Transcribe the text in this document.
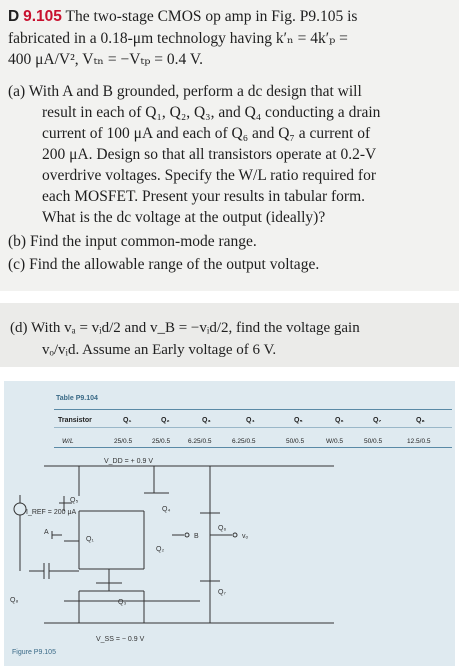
D 9.105 The two-stage CMOS op amp in Fig. P9.105 is
fabricated in a 0.18-μm technology having k′ₙ = 4k′ₚ =
400 μA/V², Vₜₙ = −Vₜₚ = 0.4 V.
(a) With A and B grounded, perform a dc design that will
result in each of Q₁, Q₂, Q₃, and Q₄ conducting a drain
current of 100 μA and each of Q₆ and Q₇ a current of
200 μA. Design so that all transistors operate at 0.2-V
overdrive voltages. Specify the W/L ratio required for
each MOSFET. Present your results in tabular form.
What is the dc voltage at the output (ideally)?
(b) Find the input common-mode range.
(c) Find the allowable range of the output voltage.
(d) With vₐ = vᵢd/2 and v_B = −vᵢd/2, find the voltage gain
vₒ/vᵢd. Assume an Early voltage of 6 V.
Table P9.104
Transistor	Q₁	Q₂	Q₃	Q₄	Q₅	Q₆	Q₇	Q₈
W/L	25/0.5	25/0.5	6.25/0.5	6.25/0.5	50/0.5	W/0.5	50/0.5	12.5/0.5
V_DD = + 0.9 V
V_SS = − 0.9 V
I_REF = 200 μA
Q₅
Q₁
A
Q₂
B
Q₄
Q₃
Q₆
vₒ
Q₇
Q₈
Figure P9.105
